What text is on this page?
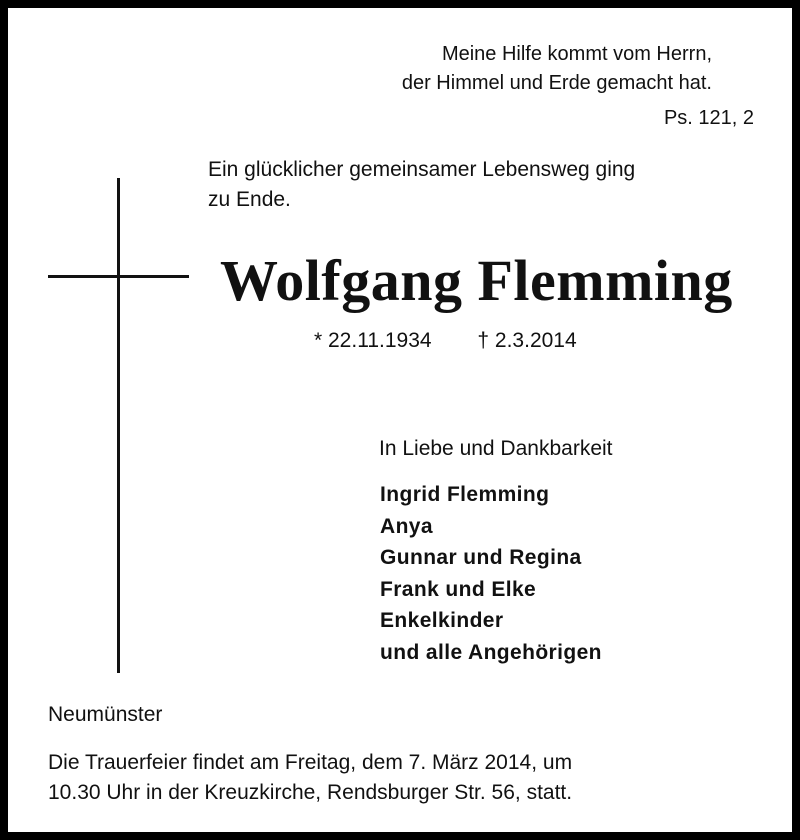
Meine Hilfe kommt vom Herrn,
der Himmel und Erde gemacht hat.
Ps. 121, 2
Ein glücklicher gemeinsamer Lebensweg ging
zu Ende.
Wolfgang Flemming
* 22.11.1934 † 2.3.2014
In Liebe und Dankbarkeit
Ingrid Flemming
Anya
Gunnar und Regina
Frank und Elke
Enkelkinder
und alle Angehörigen
Neumünster
Die Trauerfeier findet am Freitag, dem 7. März 2014, um
10.30 Uhr in der Kreuzkirche, Rendsburger Str. 56, statt.
